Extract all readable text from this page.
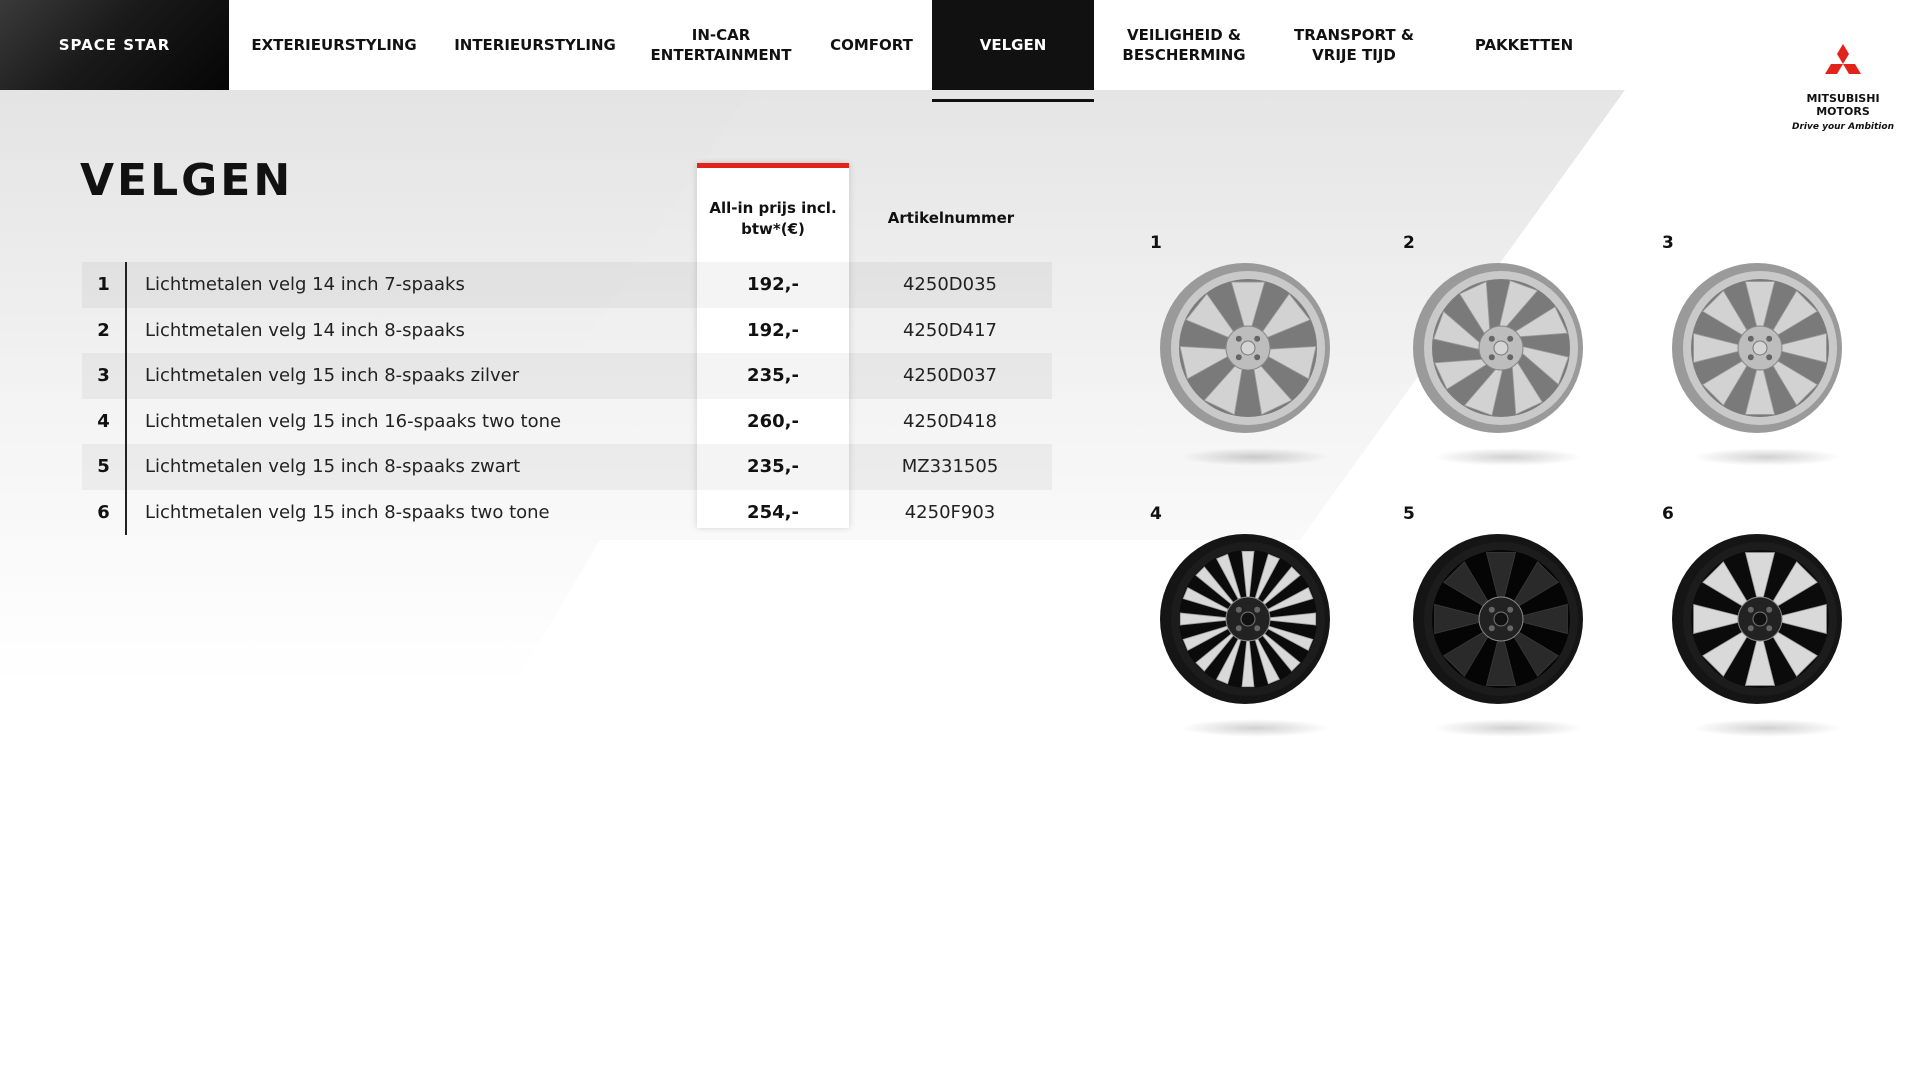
SPACE STAR	EXTERIEURSTYLING	INTERIEURSTYLING
IN-CAR
ENTERTAINMENT
COMFORT	VELGEN
VEILIGHEID &
BESCHERMING
TRANSPORT &
VRIJE TIJD
PAKKETTEN
MITSUBISHI
MOTORS
Drive your Ambition
VELGEN
All-in prijs incl. btw*(€)
Artikelnummer
1	Lichtmetalen velg 14 inch 7-spaaks	192,-	4250D035
2	Lichtmetalen velg 14 inch 8-spaaks	192,-	4250D417
3	Lichtmetalen velg 15 inch 8-spaaks zilver	235,-	4250D037
4	Lichtmetalen velg 15 inch 16-spaaks two tone	260,-	4250D418
5	Lichtmetalen velg 15 inch 8-spaaks zwart	235,-	MZ331505
6	Lichtmetalen velg 15 inch 8-spaaks two tone	254,-	4250F903
1	2	3
4	5	6
